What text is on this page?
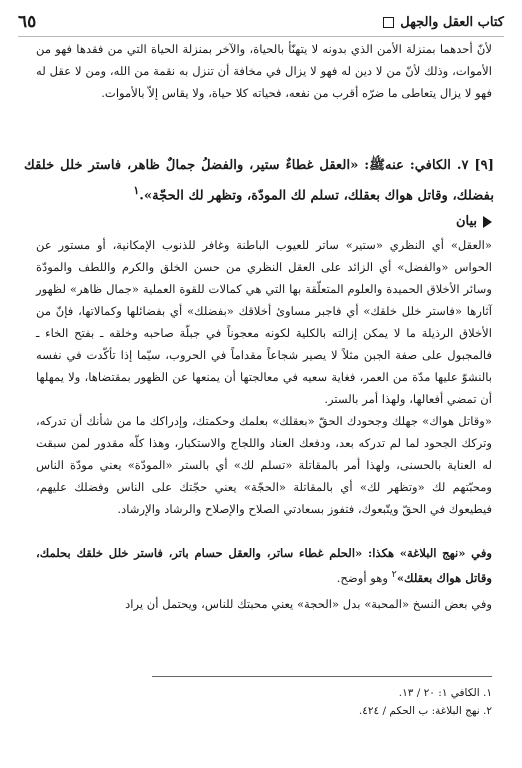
كتاب العقل والجهل
٦٥
لأنّ أحدهما بمنزلة الأمن الذي بدونه لا يتهنّأ بالحياة، والآخر بمنزلة الحياة التي من فقدها فهو من الأموات، وذلك لأنّ من لا دين له فهو لا يزال في مخافة أن تنزل به نقمة من الله، ومن لا عقل له فهو لا يزال يتعاطى ما ضرّه أقرب من نفعه، فحياته كلا حياة، ولا يقاس إلاّ بالأموات.
[٩] ٧. الكافي: عنهﷺ: «العقل غطاءٌ ستير، والفضلُ جمالٌ ظاهر، فاستر خلل خلقك بفضلك، وقاتل هواك بعقلك، تسلم لك المودّة، وتظهر لك الحجّة».$^١$
بيان
«العقل» أي النظري «ستير» ساتر للعيوب الباطنة وغافر للذنوب الإمكانية، أو مستور عن الحواس «والفضل» أي الزائد على العقل النظري من حسن الخلق والكرم واللطف والمودّة وسائر الأخلاق الحميدة والعلوم المتعلّقة بها التي هي كمالات للقوة العملية «جمال ظاهر» لظهور آثارها «فاستر خلل خلقك» أي فاجبر مساوئ أخلاقك «بفضلك» أي بفضائلها وكمالاتها، فإنّ من الأخلاق الرذيلة ما لا يمكن إزالته بالكلية لكونه معجوناً في جبلّة صاحبه وخلقه ـ بفتح الخاء ـ فالمجبول على صفة الجبن مثلاً لا يصير شجاعاً مقداماً في الحروب، سيّما إذا تأكّدت في نفسه بالنشوّ عليها مدّة من العمر، فغاية سعيه في معالجتها أن يمنعها عن الظهور بمقتضاها، ولا يمهلها أن تمضي أفعالها، ولهذا أمر بالستر.
«وقاتل هواك» جهلك وجحودك الحقّ «بعقلك» بعلمك وحكمتك، وإدراكك ما من شأنك أن تدركه، وتركك الجحود لما لم تدركه بعد، ودفعك العناد واللجاج والاستكبار، وهذا كلّه مقدور لمن سبقت له العناية بالحسنى، ولهذا أمر بالمقاتلة «تسلم لك» أي بالستر «المودّة» يعني مودّة الناس ومحبّتهم لك «وتظهر لك» أي بالمقاتلة «الحجّة» يعني حجّتك على الناس وفضلك عليهم، فيطيعوك في الحقّ ويتّبعوك، فتفوز بسعادتي الصلاح والإصلاح والرشاد والإرشاد.
وفي «نهج البلاغة» هكذا: «الحلم غطاء ساتر، والعقل حسام باتر، فاستر خلل خلقك بحلمك، وقاتل هواك بعقلك»$^٢$ وهو أوضح.
وفي بعض النسخ «المحبة» بدل «الحجة» يعني محبتك للناس، ويحتمل أن يراد
١. الكافي ١: ٢٠ / ١٣.
٢. نهج البلاغة: ب الحكم / ٤٢٤.
